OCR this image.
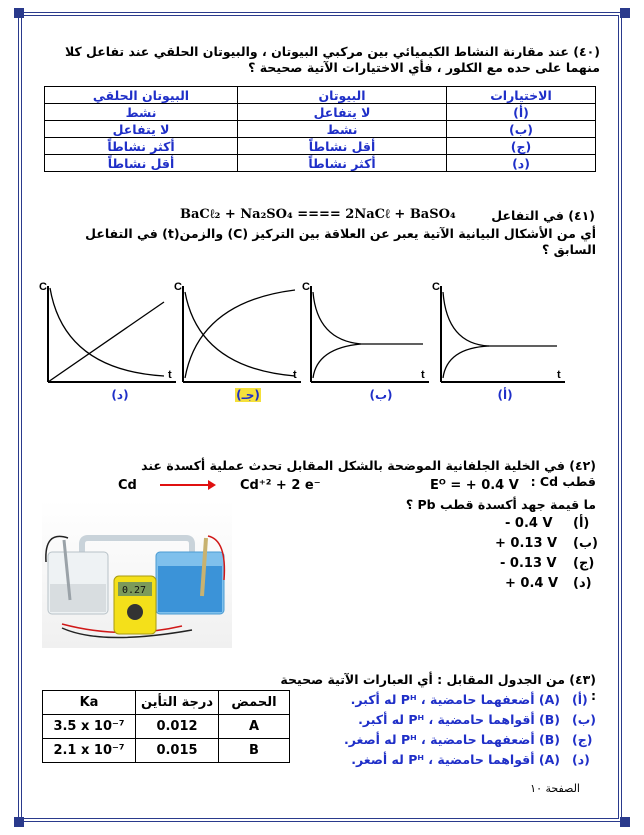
(٤٠) عند مقارنة النشاط الكيميائي بين مركبي البيوتان ، والبيوتان الحلقي عند تفاعل كلا منهما على حده مع الكلور ، فأي الاختيارات الآتية صحيحة ؟
الاختيارات	البيوتان	البيوتان الحلقي
(أ)	لا يتفاعل	نشط
(ب)	نشط	لا يتفاعل
(ج)	أقل نشاطاً	أكثر نشاطاً
(د)	أكثر نشاطاً	أقل نشاطاً
(٤١) في التفاعل
BaCℓ₂ + Na₂SO₄ ==== 2NaCℓ + BaSO₄
أي من الأشكال البيانية الآتية يعبر عن العلاقة بين التركيز (C) والزمن(t) في التفاعل السابق ؟
C
t
(د)
C
t
(جـ)
C
t
(ب)
C
t
(أ)
(٤٢) في الخلية الجلفانية الموضحة بالشكل المقابل تحدث عملية أكسدة عند قطب Cd :
Cd → Cd⁺² + 2 e⁻	Eᴼ = + 0.4 V
ما قيمة جهد أكسدة قطب Pb ؟
- 0.4 V (أ)
+ 0.13 V (ب)
- 0.13 V (ج)
+ 0.4 V (د)
0.27
(٤٣) من الجدول المقابل : أي العبارات الآتية صحيحة :
Ka	درجة التأين	الحمض
3.5 x 10⁻⁷	0.012	A
2.1 x 10⁻⁷	0.015	B
(A) أضعفهما حامضية ، Pᴴ له أكبر. (أ)
(B) أقواهما حامضية ، Pᴴ له أكبر. (ب)
(B) أضعفهما حامضية ، Pᴴ له أصغر. (ج)
(A) أقواهما حامضية ، Pᴴ له أصغر. (د)
الصفحة ١٠
